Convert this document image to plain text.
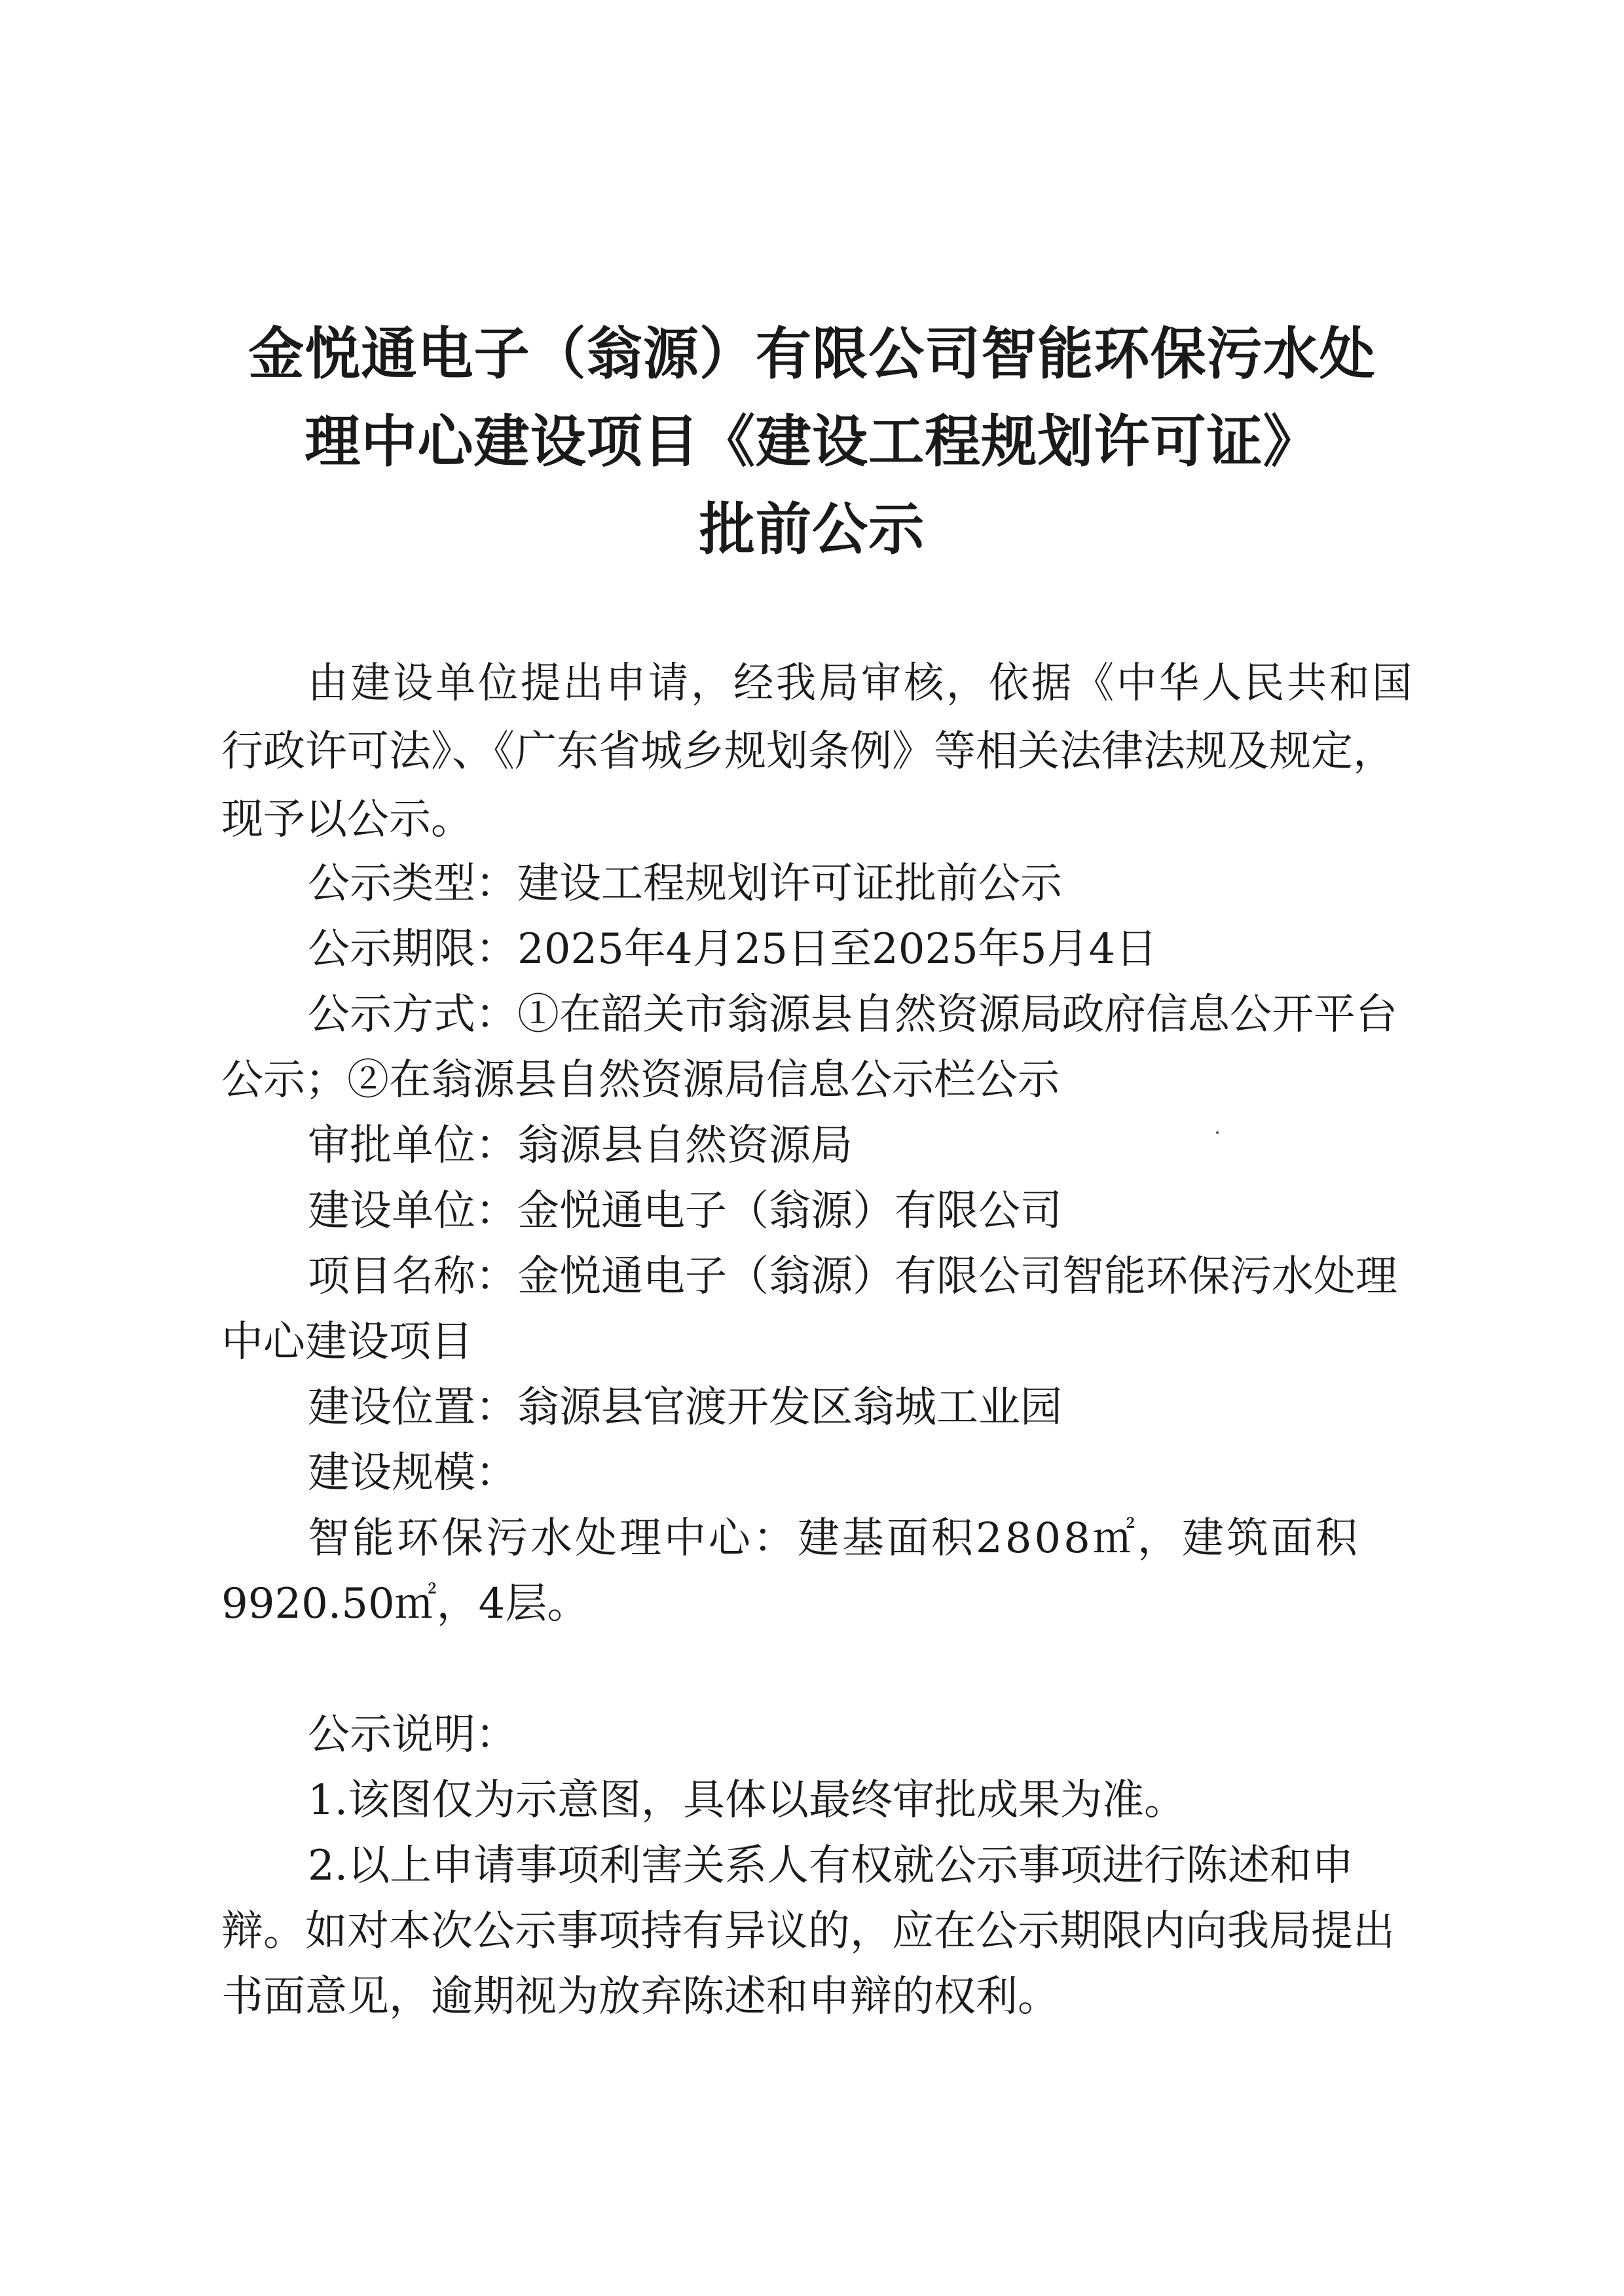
金悦通电子（翁源）有限公司智能环保污水处
理中心建设项目《建设工程规划许可证》
批前公示
由建设单位提出申请，经我局审核，依据《中华人民共和国
行政许可法》、《广东省城乡规划条例》等相关法律法规及规定，
现予以公示。
公示类型：建设工程规划许可证批前公示
公示期限：2025年4月25日至2025年5月4日
公示方式：①在韶关市翁源县自然资源局政府信息公开平台
公示；②在翁源县自然资源局信息公示栏公示
审批单位：翁源县自然资源局
建设单位：金悦通电子（翁源）有限公司
项目名称：金悦通电子（翁源）有限公司智能环保污水处理
中心建设项目
建设位置：翁源县官渡开发区翁城工业园
建设规模：
智能环保污水处理中心：建基面积2808㎡，建筑面积
9920.50㎡，4层。
公示说明：
1.该图仅为示意图，具体以最终审批成果为准。
2.以上申请事项利害关系人有权就公示事项进行陈述和申
辩。如对本次公示事项持有异议的，应在公示期限内向我局提出
书面意见，逾期视为放弃陈述和申辩的权利。
